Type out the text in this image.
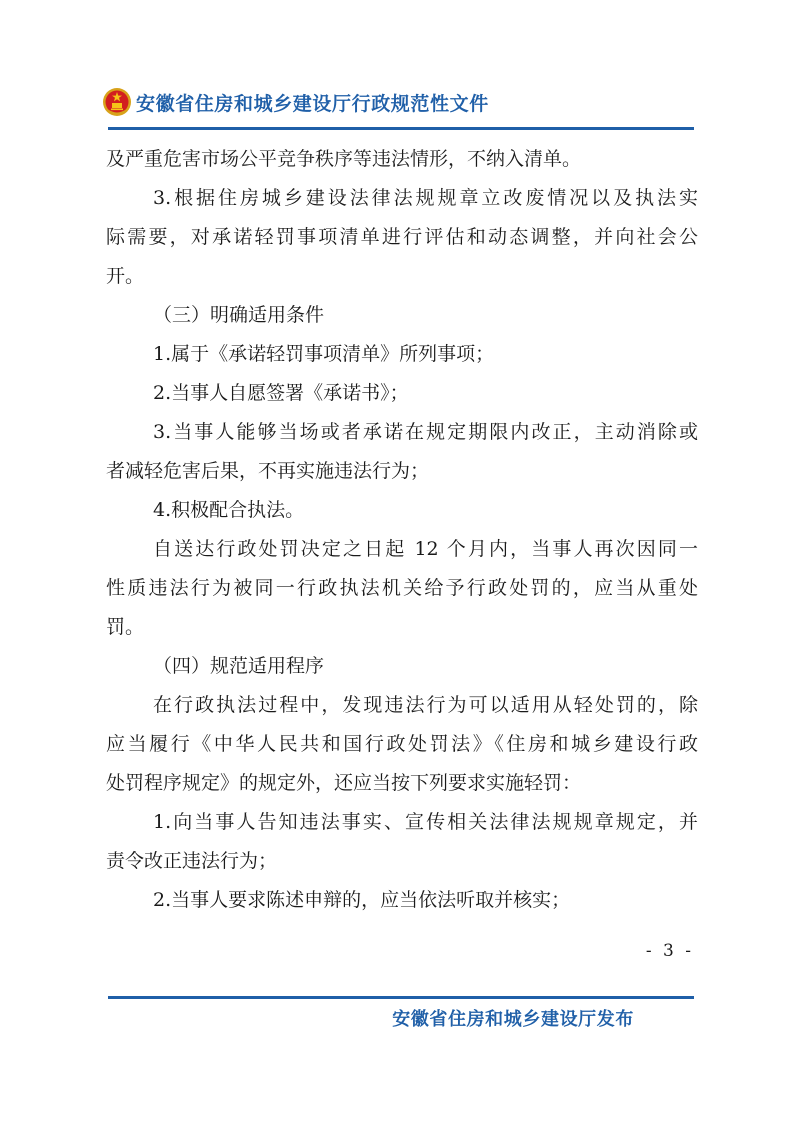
安徽省住房和城乡建设厅行政规范性文件
及严重危害市场公平竞争秩序等违法情形，不纳入清单。
3.根据住房城乡建设法律法规规章立改废情况以及执法实
际需要，对承诺轻罚事项清单进行评估和动态调整，并向社会公
开。
（三）明确适用条件
1.属于《承诺轻罚事项清单》所列事项；
2.当事人自愿签署《承诺书》；
3.当事人能够当场或者承诺在规定期限内改正，主动消除或
者减轻危害后果，不再实施违法行为；
4.积极配合执法。
自送达行政处罚决定之日起 12 个月内，当事人再次因同一
性质违法行为被同一行政执法机关给予行政处罚的，应当从重处
罚。
（四）规范适用程序
在行政执法过程中，发现违法行为可以适用从轻处罚的，除
应当履行《中华人民共和国行政处罚法》《住房和城乡建设行政
处罚程序规定》的规定外，还应当按下列要求实施轻罚：
1.向当事人告知违法事实、宣传相关法律法规规章规定，并
责令改正违法行为；
2.当事人要求陈述申辩的，应当依法听取并核实；
- 3 -
安徽省住房和城乡建设厅发布
